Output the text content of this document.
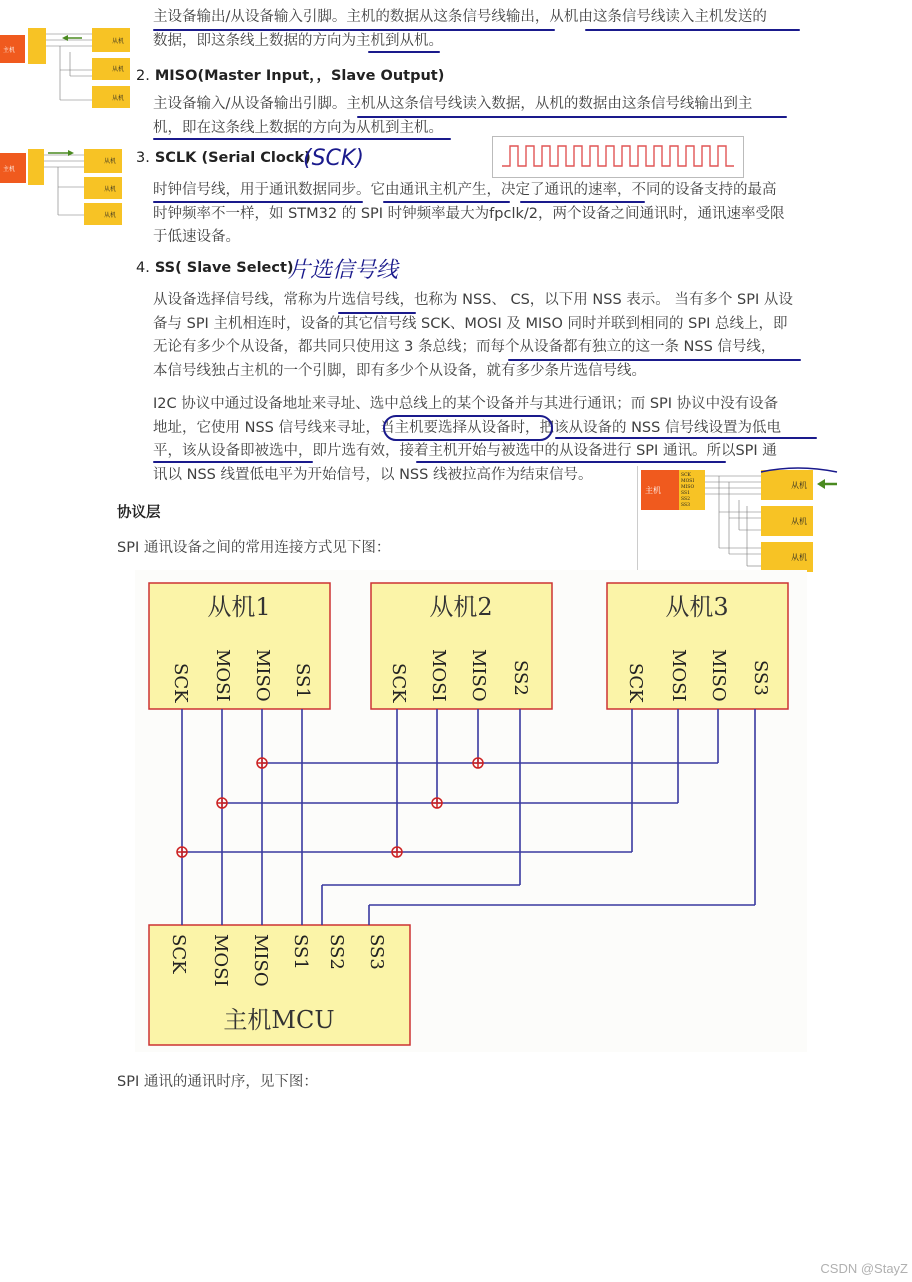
主设备输出/从设备输入引脚。主机的数据从这条信号线输出，从机由这条信号线读入主机发送的
数据，即这条线上数据的方向为主机到从机。
主机
从机
从机
从机
2. MISO(Master Input，，Slave Output)
主设备输入/从设备输出引脚。主机从这条信号线读入数据，从机的数据由这条信号线输出到主
机，即在这条线上数据的方向为从机到主机。
主机
从机
从机
从机
3. SCLK (Serial Clock)
(SCK)
时钟信号线，用于通讯数据同步。它由通讯主机产生，决定了通讯的速率，不同的设备支持的最高
时钟频率不一样，如 STM32 的 SPI 时钟频率最大为fpclk/2，两个设备之间通讯时，通讯速率受限
于低速设备。
4. SS( Slave Select)
片选信号线
从设备选择信号线，常称为片选信号线，也称为 NSS、 CS，以下用 NSS 表示。 当有多个 SPI 从设
备与 SPI 主机相连时，设备的其它信号线 SCK、MOSI 及 MISO 同时并联到相同的 SPI 总线上，即
无论有多少个从设备，都共同只使用这 3 条总线；而每个从设备都有独立的这一条 NSS 信号线，
本信号线独占主机的一个引脚，即有多少个从设备，就有多少条片选信号线。
I2C 协议中通过设备地址来寻址、选中总线上的某个设备并与其进行通讯；而 SPI 协议中没有设备
地址，它使用 NSS 信号线来寻址，当主机要选择从设备时，把该从设备的 NSS 信号线设置为低电
平，该从设备即被选中，即片选有效，接着主机开始与被选中的从设备进行 SPI 通讯。所以SPI 通
讯以 NSS 线置低电平为开始信号，以 NSS 线被拉高作为结束信号。
主机
SCK
MOSI
MISO
SS1
SS2
SS3
从机
从机
从机
协议层
SPI 通讯设备之间的常用连接方式见下图：
从机1	从机2	从机3
SCK MOSI MISO SS1	SCK MOSI MISO SS2	SCK MOSI MISO SS3
主机MCU
SCK MOSI MISO SS1 SS2 SS3
SPI 通讯的通讯时序，见下图：
CSDN @StayZ
